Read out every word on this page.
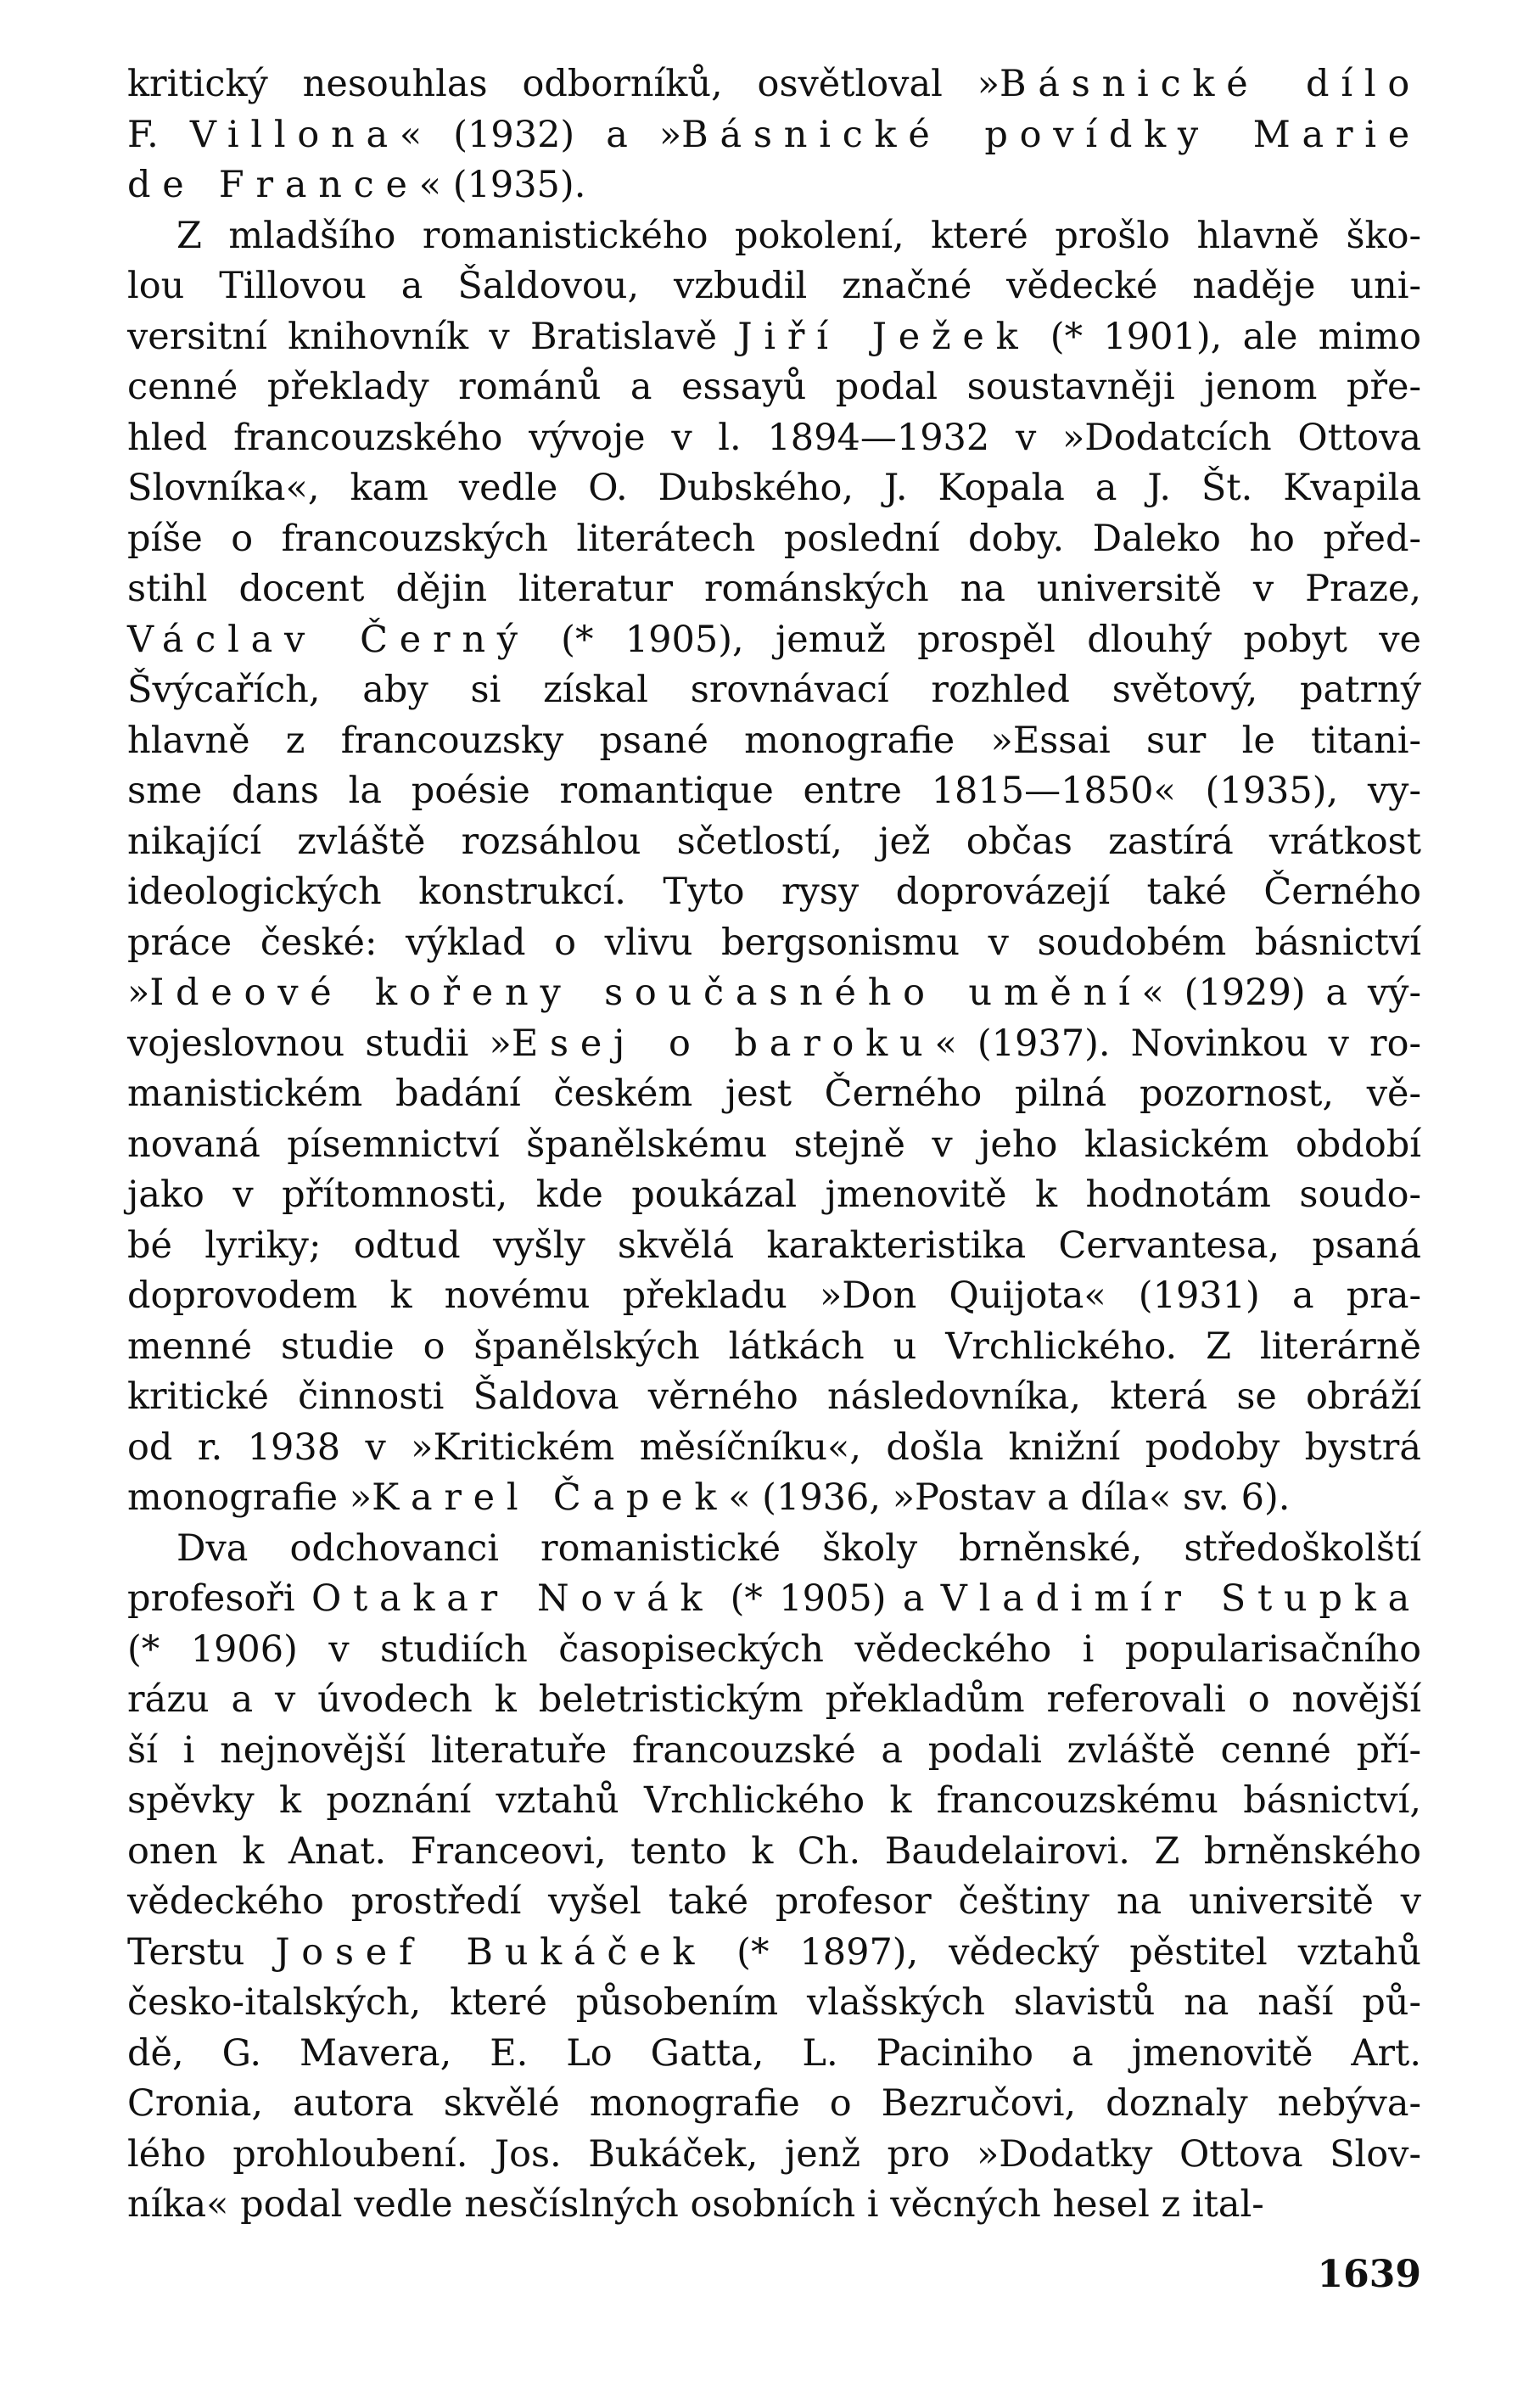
kritický nesouhlas odborníků, osvětloval »Básnické dílo
F. Villona« (1932) a »Básnické povídky Marie
de France« (1935).
Z mladšího romanistického pokolení, které prošlo hlavně ško-
lou Tillovou a Šaldovou, vzbudil značné vědecké naděje uni-
versitní knihovník v Bratislavě Jiří Ježek (* 1901), ale mimo
cenné překlady románů a essayů podal soustavněji jenom pře-
hled francouzského vývoje v l. 1894—1932 v »Dodatcích Ottova
Slovníka«, kam vedle O. Dubského, J. Kopala a J. Št. Kvapila
píše o francouzských literátech poslední doby. Daleko ho před-
stihl docent dějin literatur románských na universitě v Praze,
Václav Černý (* 1905), jemuž prospěl dlouhý pobyt ve
Švýcařích, aby si získal srovnávací rozhled světový, patrný
hlavně z francouzsky psané monografie »Essai sur le titani-
sme dans la poésie romantique entre 1815—1850« (1935), vy-
nikající zvláště rozsáhlou sčetlostí, jež občas zastírá vrátkost
ideologických konstrukcí. Tyto rysy doprovázejí také Černého
práce české: výklad o vlivu bergsonismu v soudobém básnictví
»Ideové kořeny současného umění« (1929) a vý-
vojeslovnou studii »Esej o baroku« (1937). Novinkou v ro-
manistickém badání českém jest Černého pilná pozornost, vě-
novaná písemnictví španělskému stejně v jeho klasickém období
jako v přítomnosti, kde poukázal jmenovitě k hodnotám soudo-
bé lyriky; odtud vyšly skvělá karakteristika Cervantesa, psaná
doprovodem k novému překladu »Don Quijota« (1931) a pra-
menné studie o španělských látkách u Vrchlického. Z literárně
kritické činnosti Šaldova věrného následovníka, která se obráží
od r. 1938 v »Kritickém měsíčníku«, došla knižní podoby bystrá
monografie »Karel Čapek« (1936, »Postav a díla« sv. 6).
Dva odchovanci romanistické školy brněnské, středoškolští
profesoři Otakar Novák (* 1905) a Vladimír Stupka
(* 1906) v studiích časopiseckých vědeckého i popularisačního
rázu a v úvodech k beletristickým překladům referovali o novější
ší i nejnovější literatuře francouzské a podali zvláště cenné pří-
spěvky k poznání vztahů Vrchlického k francouzskému básnictví,
onen k Anat. Franceovi, tento k Ch. Baudelairovi. Z brněnského
vědeckého prostředí vyšel také profesor češtiny na universitě v
Terstu Josef Bukáček (* 1897), vědecký pěstitel vztahů
česko-italských, které působením vlašských slavistů na naší pů-
dě, G. Mavera, E. Lo Gatta, L. Paciniho a jmenovitě Art.
Cronia, autora skvělé monografie o Bezručovi, doznaly nebýva-
lého prohloubení. Jos. Bukáček, jenž pro »Dodatky Ottova Slov-
níka« podal vedle nesčíslných osobních i věcných hesel z ital-
1639
